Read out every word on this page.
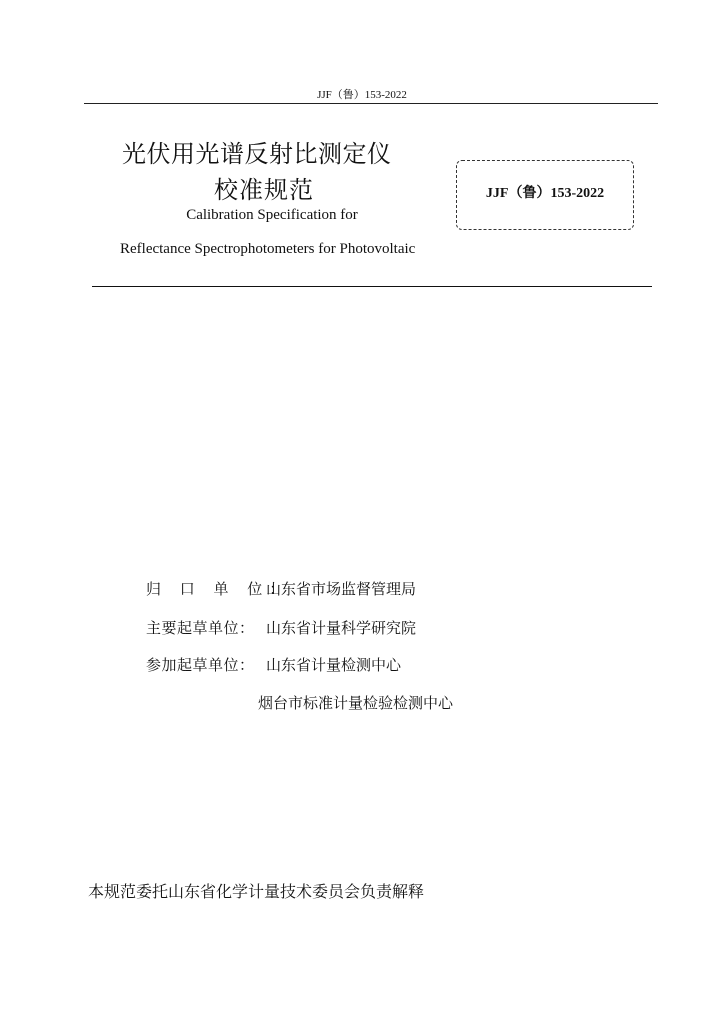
JJF（鲁）153-2022
光伏用光谱反射比测定仪
校准规范
Calibration Specification for
Reflectance Spectrophotometers for Photovoltaic
JJF（鲁）153-2022
归 口 单 位：
山东省市场监督管理局
主要起草单位： 山东省计量科学研究院
参加起草单位： 山东省计量检测中心
烟台市标准计量检验检测中心
本规范委托山东省化学计量技术委员会负责解释
